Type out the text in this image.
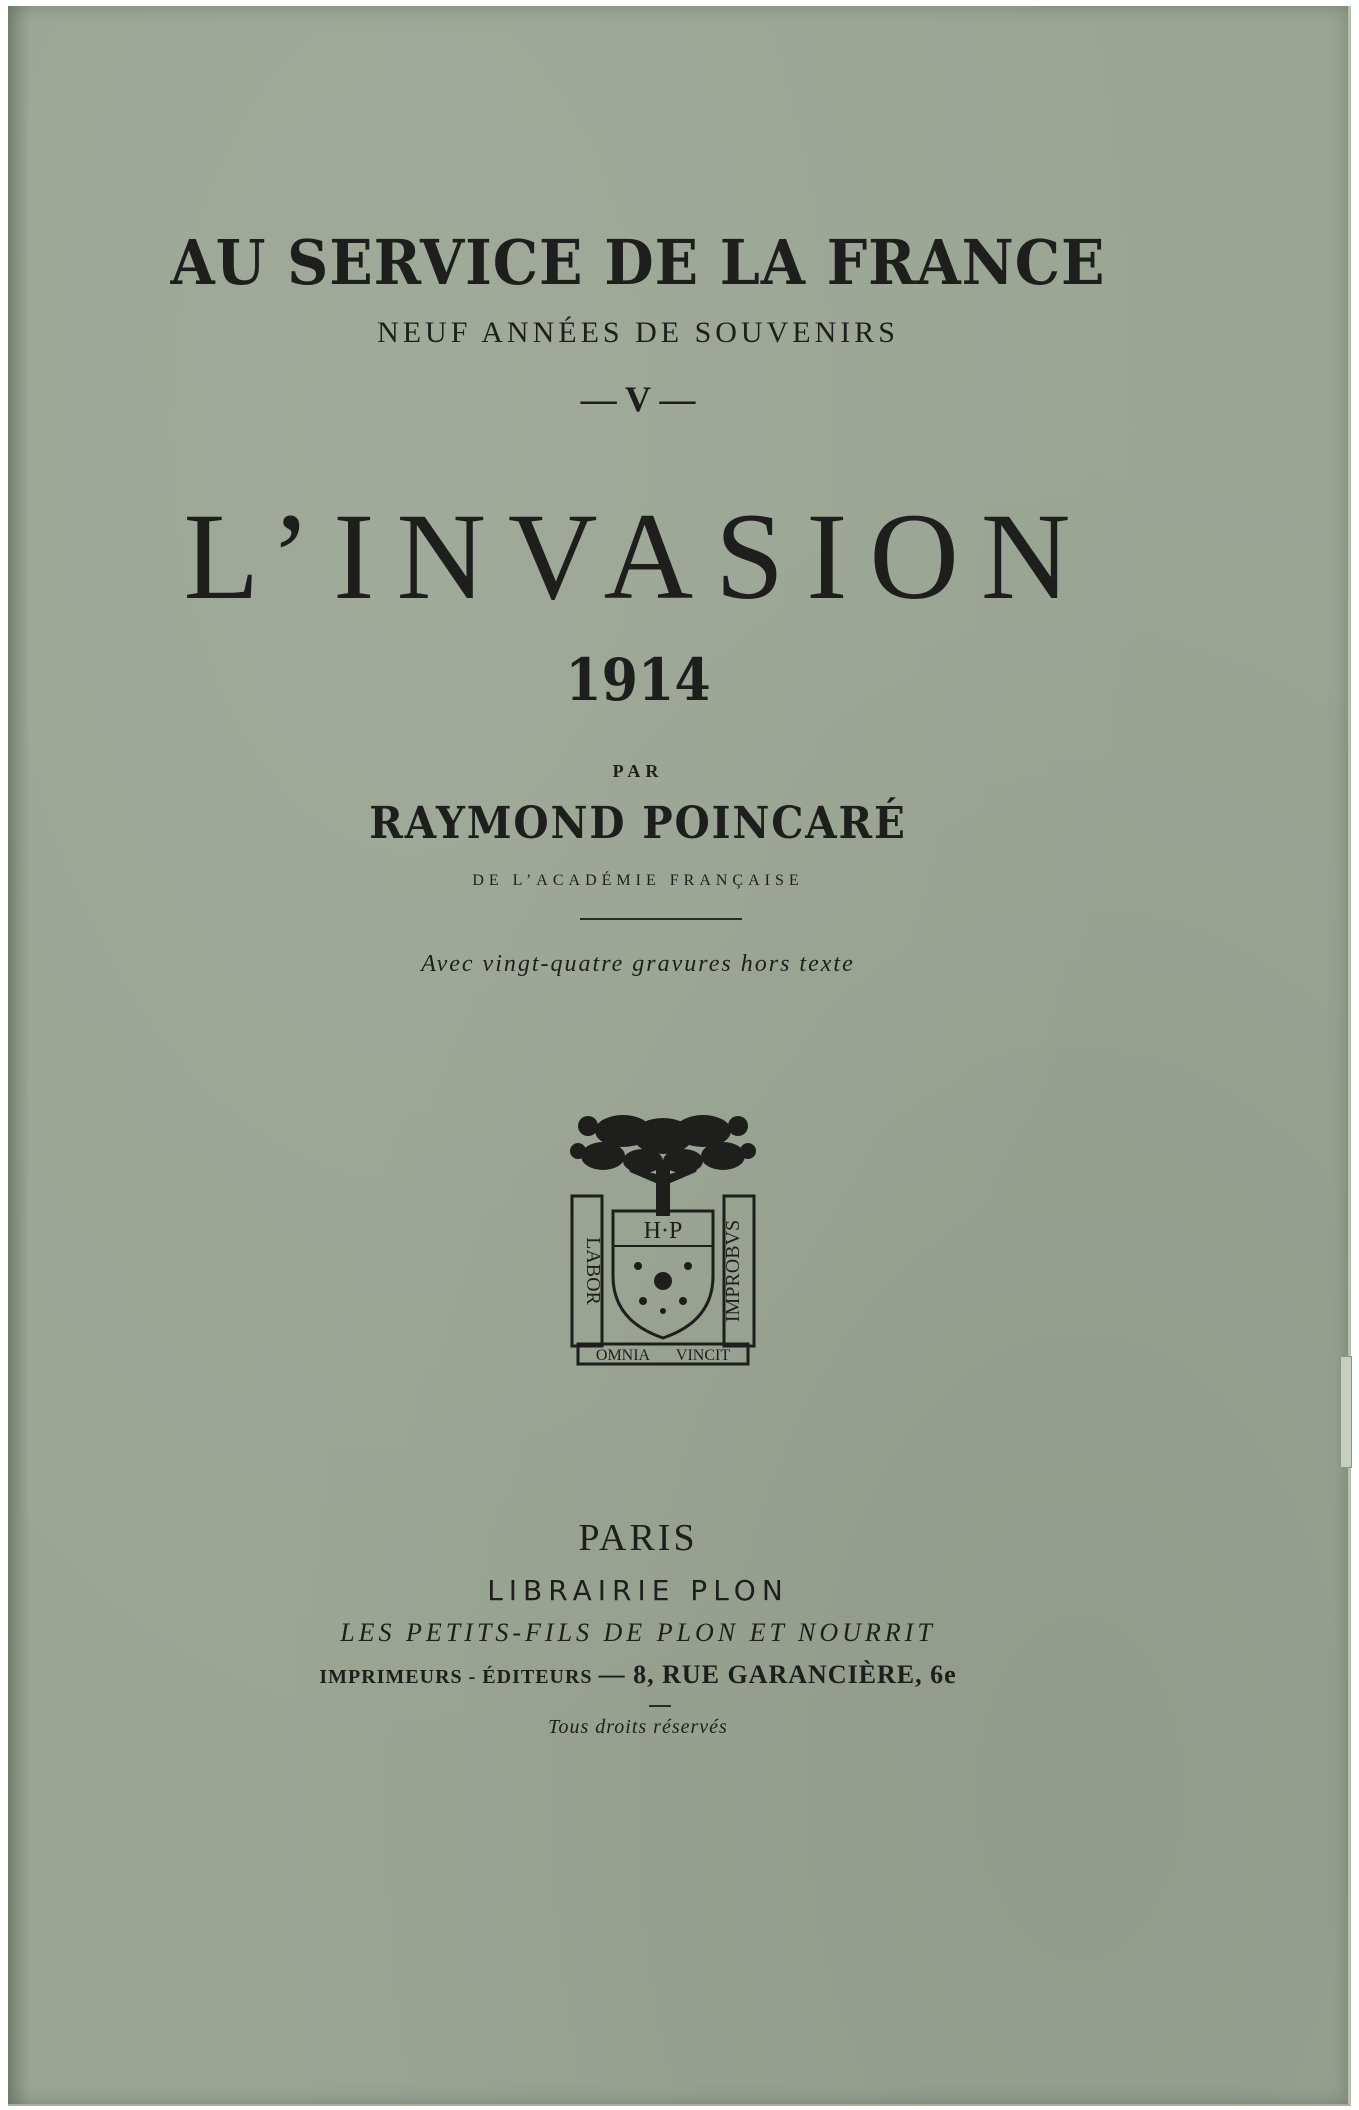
AU SERVICE DE LA FRANCE
NEUF ANNÉES DE SOUVENIRS
— V —
L’INVASION
1914
PAR
RAYMOND POINCARÉ
DE L’ACADÉMIE FRANÇAISE
Avec vingt-quatre gravures hors texte
LABOR	IMPROBVS
H·P
OMNIA VINCIT
PARIS
LIBRAIRIE PLON
LES PETITS-FILS DE PLON ET NOURRIT
IMPRIMEURS - ÉDITEURS — 8, RUE GARANCIÈRE, 6e
Tous droits réservés
